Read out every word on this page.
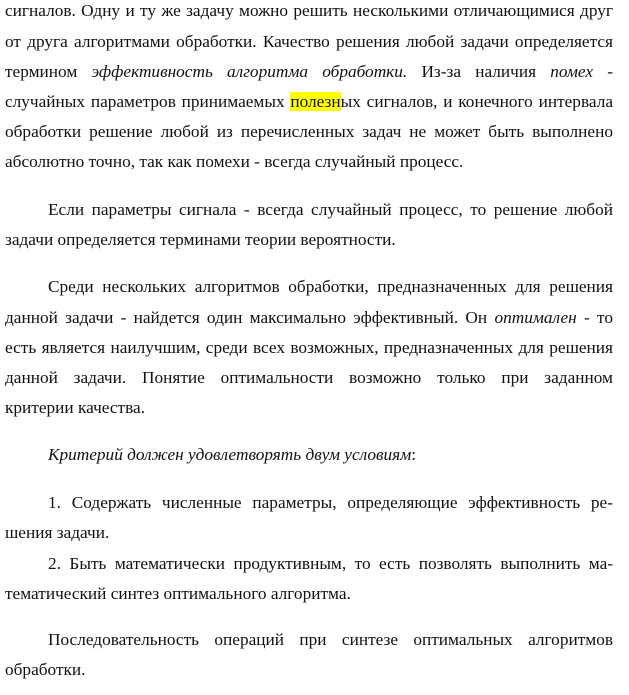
сигналов. Одну и ту же задачу можно решить несколькими отличающимися друг
от друга алгоритмами обработки. Качество решения любой задачи определяется
термином эффективность алгоритма обработки. Из-за наличия помех -
случайных параметров принимаемых полезных сигналов, и конечного интервала
обработки решение любой из перечисленных задач не может быть выполнено
абсолютно точно, так как помехи - всегда случайный процесс.
Если параметры сигнала - всегда случайный процесс, то решение любой
задачи определяется терминами теории вероятности.
Среди нескольких алгоритмов обработки, предназначенных для решения
данной задачи - найдется один максимально эффективный. Он оптимален - то
есть является наилучшим, среди всех возможных, предназначенных для решения
данной задачи. Понятие оптимальности возможно только при заданном
критерии качества.
Критерий должен удовлетворять двум условиям:
1. Содержать численные параметры, определяющие эффективность ре-
шения задачи.
2. Быть математически продуктивным, то есть позволять выполнить ма-
тематический синтез оптимального алгоритма.
Последовательность операций при синтезе оптимальных алгоритмов
обработки.
